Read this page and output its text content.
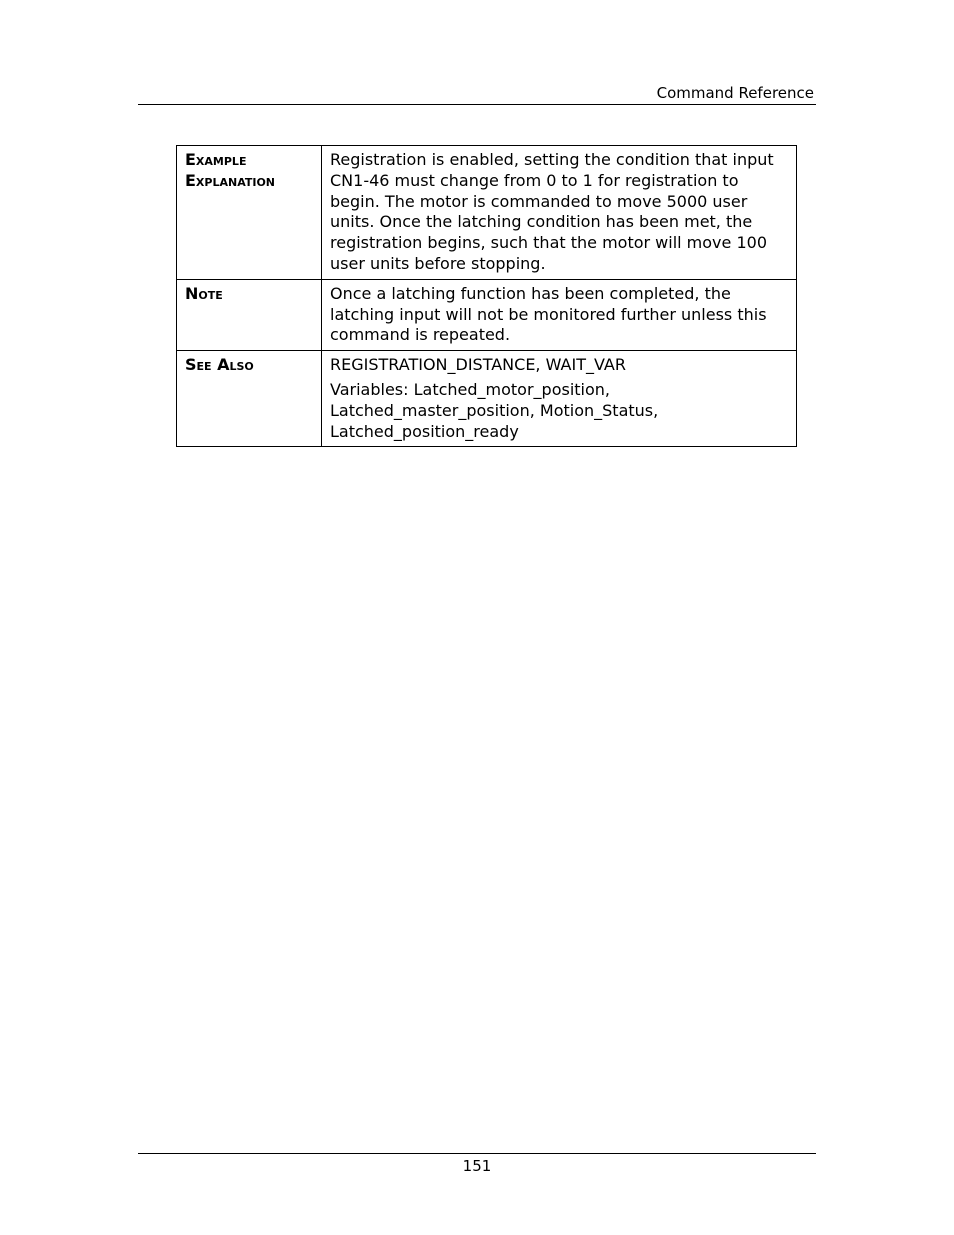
Command Reference
Example
Explanation	Registration is enabled, setting the condition that input CN1-46 must change from 0 to 1 for registration to begin. The motor is commanded to move 5000 user units. Once the latching condition has been met, the registration begins, such that the motor will move 100 user units before stopping.

Note	Once a latching function has been completed, the latching input will not be monitored further unless this command is repeated.

See Also	REGISTRATION_DISTANCE, WAIT_VAR
Variables: Latched_motor_position, Latched_master_position, Motion_Status, Latched_position_ready
151
